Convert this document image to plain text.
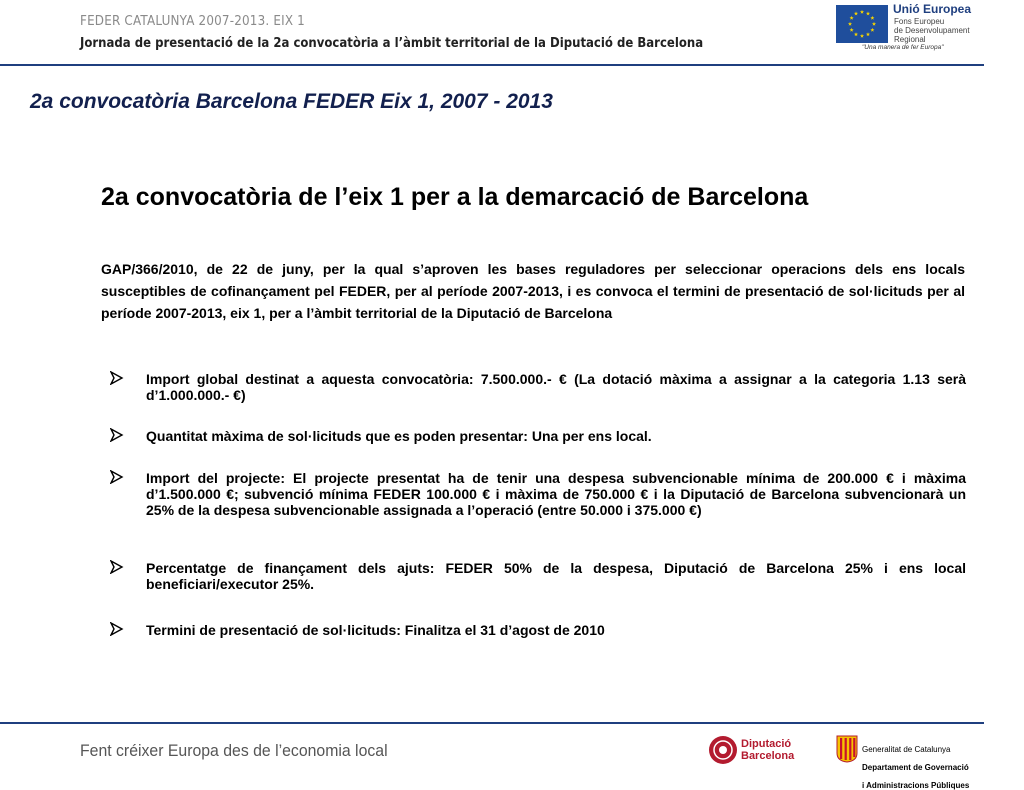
FEDER CATALUNYA 2007-2013. EIX 1
Jornada de presentació de la 2a convocatòria a l’àmbit territorial de la Diputació de Barcelona
Unió Europea
Fons Europeu
de Desenvolupament
Regional
"Una manera de fer Europa"
2a convocatòria Barcelona FEDER Eix 1, 2007 - 2013
2a convocatòria de l’eix 1 per a la demarcació de Barcelona
GAP/366/2010, de 22 de juny, per la qual s’aproven les bases reguladores per seleccionar operacions dels ens locals susceptibles de cofinançament pel FEDER, per al període 2007-2013, i es convoca el termini de presentació de sol·licituds per al període 2007-2013, eix 1, per a l’àmbit territorial de la Diputació de Barcelona
Import global destinat a aquesta convocatòria: 7.500.000.- € (La dotació màxima a assignar a la categoria 1.13 serà d’1.000.000.- €)
Quantitat màxima de sol·licituds que es poden presentar: Una per ens local.
Import del projecte: El projecte presentat ha de tenir una despesa subvencionable mínima de 200.000 € i màxima d’1.500.000 €; subvenció mínima FEDER 100.000 € i màxima de 750.000 € i la Diputació de Barcelona subvencionarà un 25% de la despesa subvencionable assignada a l’operació (entre 50.000 i 375.000 €)
Percentatge de finançament dels ajuts: FEDER 50% de la despesa, Diputació de Barcelona 25% i ens local beneficiari/executor 25%.
Termini de presentació de sol·licituds: Finalitza el 31 d’agost de 2010
Fent créixer Europa des de l’economia local	Diputació
Barcelona

Generalitat de Catalunya

Departament de Governació

i Administracions Públiques
